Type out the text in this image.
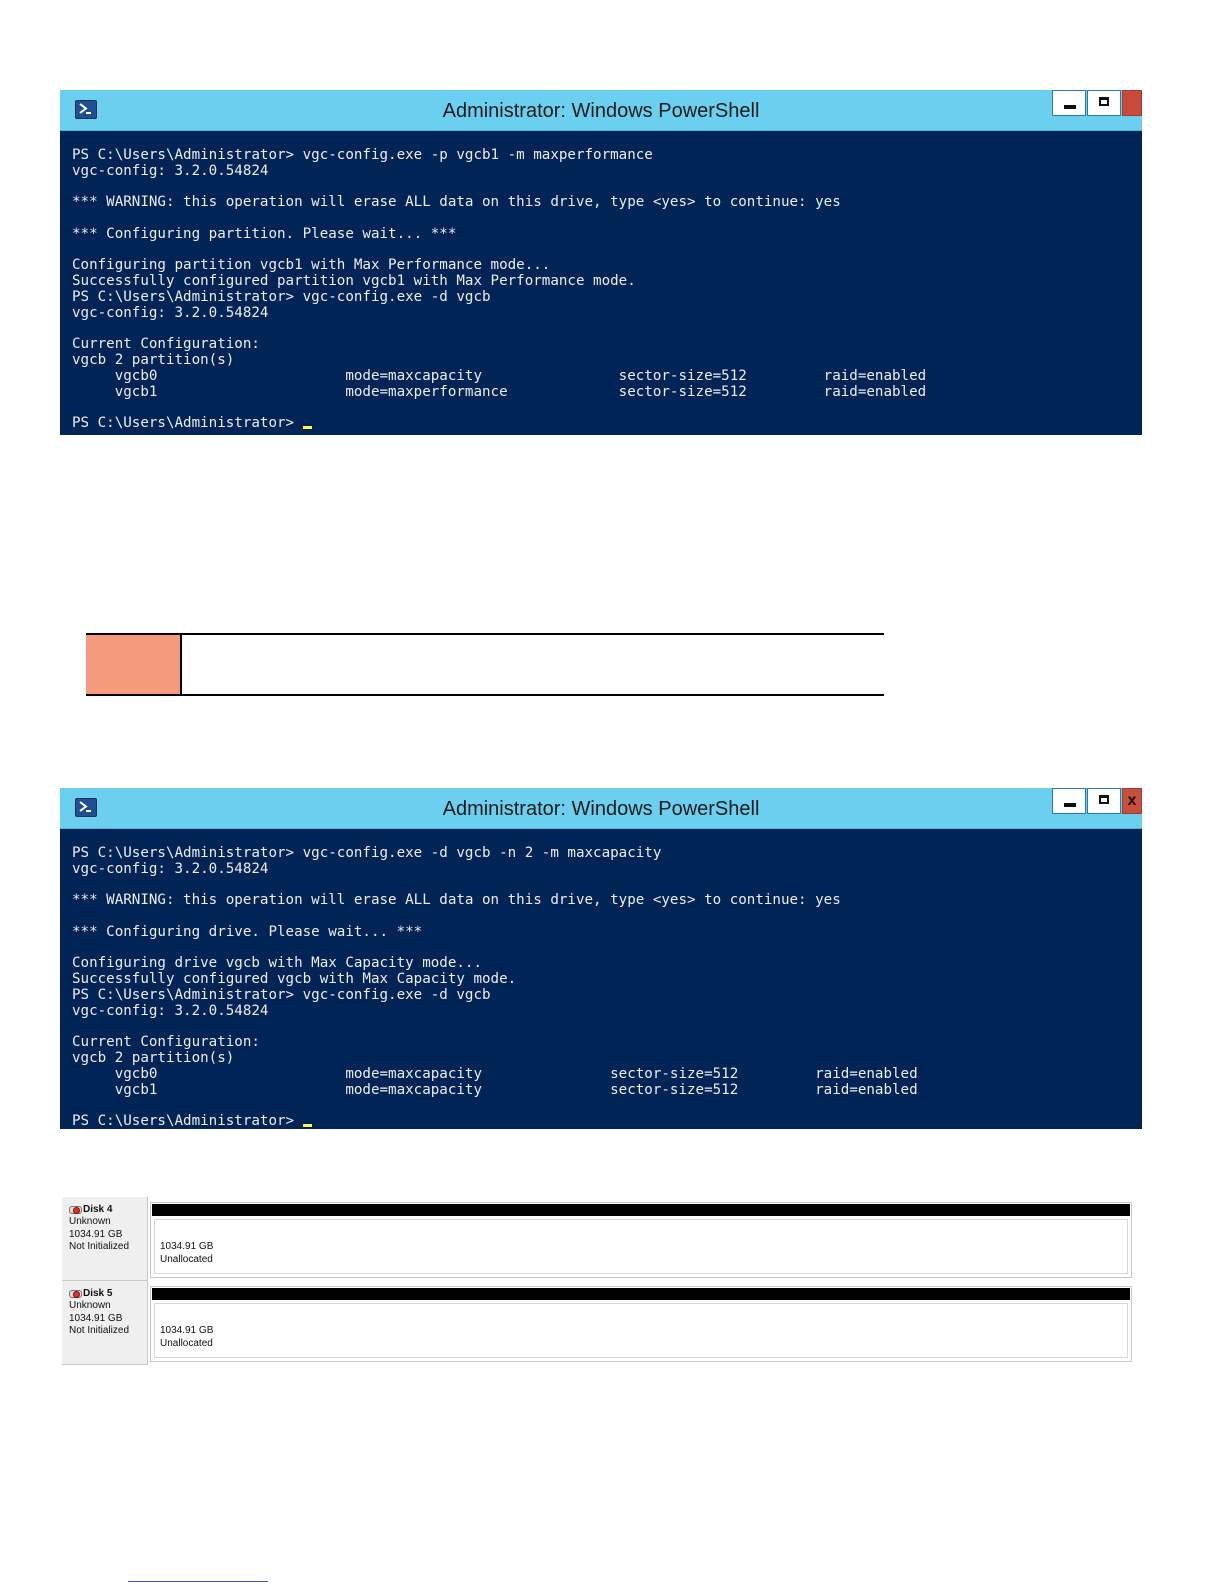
Administrator: Windows PowerShell

PS C:\Users\Administrator> vgc-config.exe -p vgcb1 -m maxperformance
vgc-config: 3.2.0.54824

*** WARNING: this operation will erase ALL data on this drive, type <yes> to continue: yes

*** Configuring partition. Please wait... ***

Configuring partition vgcb1 with Max Performance mode...
Successfully configured partition vgcb1 with Max Performance mode.
PS C:\Users\Administrator> vgc-config.exe -d vgcb
vgc-config: 3.2.0.54824

Current Configuration:
vgcb 2 partition(s)
vgcb0                      mode=maxcapacity                sector-size=512         raid=enabled
vgcb1                      mode=maxperformance             sector-size=512         raid=enabled

PS C:\Users\Administrator>

Administrator: Windows PowerShell	x

PS C:\Users\Administrator> vgc-config.exe -d vgcb -n 2 -m maxcapacity
vgc-config: 3.2.0.54824

*** WARNING: this operation will erase ALL data on this drive, type <yes> to continue: yes

*** Configuring drive. Please wait... ***

Configuring drive vgcb with Max Capacity mode...
Successfully configured vgcb with Max Capacity mode.
PS C:\Users\Administrator> vgc-config.exe -d vgcb
vgc-config: 3.2.0.54824

Current Configuration:
vgcb 2 partition(s)
vgcb0                      mode=maxcapacity               sector-size=512         raid=enabled
vgcb1                      mode=maxcapacity               sector-size=512         raid=enabled

PS C:\Users\Administrator>

Disk 4
Unknown
1034.91 GB
Not Initialized	1034.91 GB
Unallocated
Disk 5
Unknown
1034.91 GB
Not Initialized	1034.91 GB
Unallocated
